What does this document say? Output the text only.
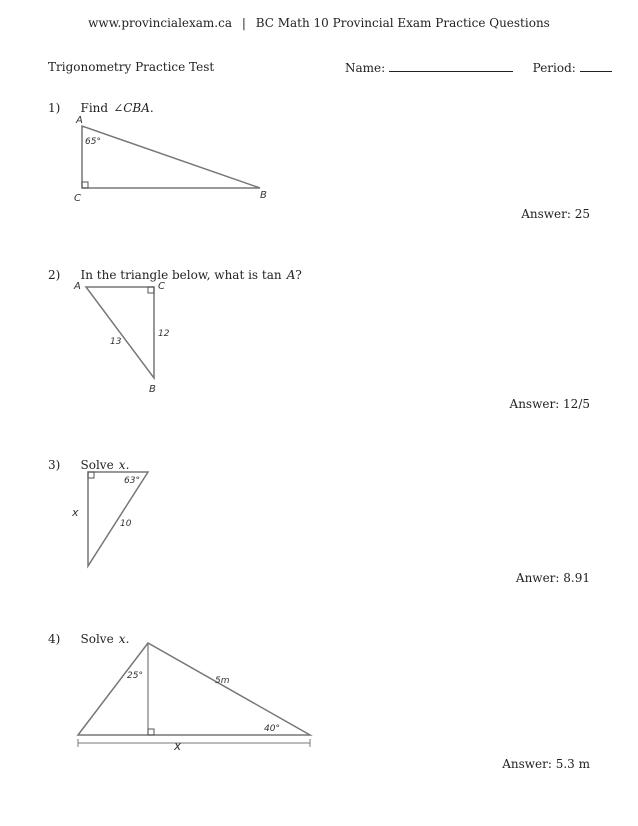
www.provincialexam.ca | BC Math 10 Provincial Exam Practice Questions
Trigonometry Practice Test	Name:	Period:
1) Find ∠CBA.
A
C	B
65°
Answer: 25
2) In the triangle below, what is tan A?
A	C
B
13
12
Answer: 12/5
3) Solve x.
x
63°
10
Anwer: 8.91
4) Solve x.
25°	5m
40°
x
Answer: 5.3 m
